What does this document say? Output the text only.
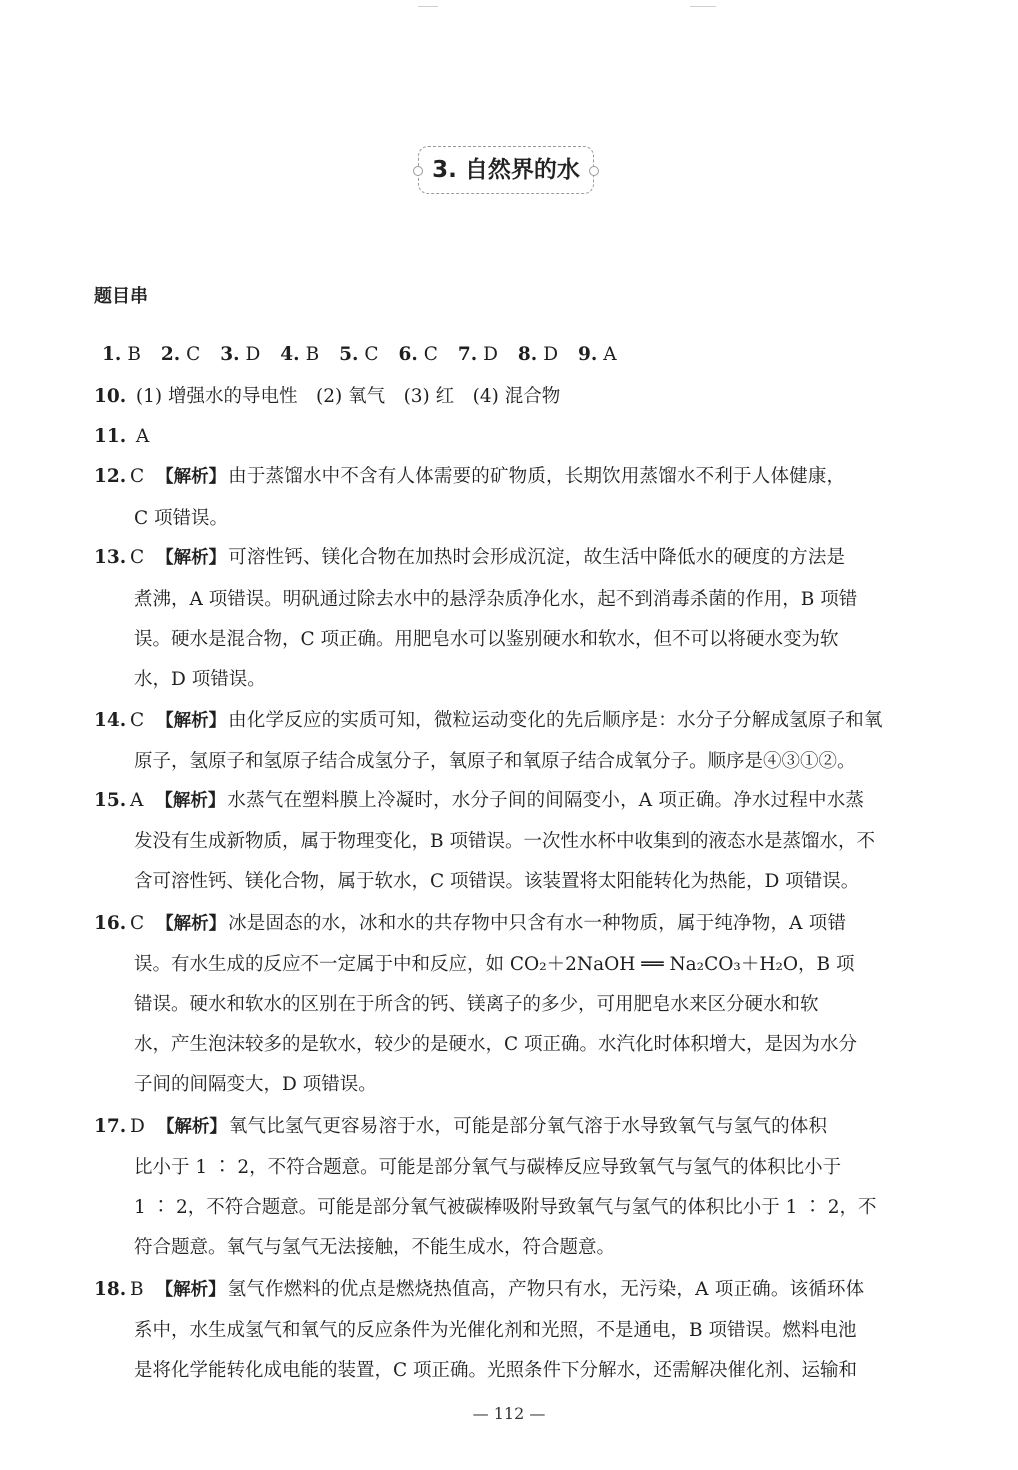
3. 自然界的水
题目串
1. B 2. C 3. D 4. B 5. C 6. C 7. D 8. D 9. A
10. (1) 增强水的导电性　(2) 氧气　(3) 红　(4) 混合物
11. A
12. C 【解析】 由于蒸馏水中不含有人体需要的矿物质，长期饮用蒸馏水不利于人体健康，
C 项错误。
13. C 【解析】 可溶性钙、镁化合物在加热时会形成沉淀，故生活中降低水的硬度的方法是
煮沸，A 项错误。明矾通过除去水中的悬浮杂质净化水，起不到消毒杀菌的作用，B 项错
误。硬水是混合物，C 项正确。用肥皂水可以鉴别硬水和软水，但不可以将硬水变为软
水，D 项错误。
14. C 【解析】 由化学反应的实质可知，微粒运动变化的先后顺序是：水分子分解成氢原子和氧
原子，氢原子和氢原子结合成氢分子，氧原子和氧原子结合成氧分子。顺序是④③①②。
15. A 【解析】 水蒸气在塑料膜上冷凝时，水分子间的间隔变小，A 项正确。净水过程中水蒸
发没有生成新物质，属于物理变化，B 项错误。一次性水杯中收集到的液态水是蒸馏水，不
含可溶性钙、镁化合物，属于软水，C 项错误。该装置将太阳能转化为热能，D 项错误。
16. C 【解析】 冰是固态的水，冰和水的共存物中只含有水一种物质，属于纯净物，A 项错
误。有水生成的反应不一定属于中和反应，如 CO₂＋2NaOH ══ Na₂CO₃＋H₂O，B 项
错误。硬水和软水的区别在于所含的钙、镁离子的多少，可用肥皂水来区分硬水和软
水，产生泡沫较多的是软水，较少的是硬水，C 项正确。水汽化时体积增大，是因为水分
子间的间隔变大，D 项错误。
17. D 【解析】 氧气比氢气更容易溶于水，可能是部分氧气溶于水导致氧气与氢气的体积
比小于 1 ∶ 2，不符合题意。可能是部分氧气与碳棒反应导致氧气与氢气的体积比小于
1 ∶ 2，不符合题意。可能是部分氧气被碳棒吸附导致氧气与氢气的体积比小于 1 ∶ 2，不
符合题意。氧气与氢气无法接触，不能生成水，符合题意。
18. B 【解析】 氢气作燃料的优点是燃烧热值高，产物只有水，无污染，A 项正确。该循环体
系中，水生成氢气和氧气的反应条件为光催化剂和光照，不是通电，B 项错误。燃料电池
是将化学能转化成电能的装置，C 项正确。光照条件下分解水，还需解决催化剂、运输和
— 112 —
